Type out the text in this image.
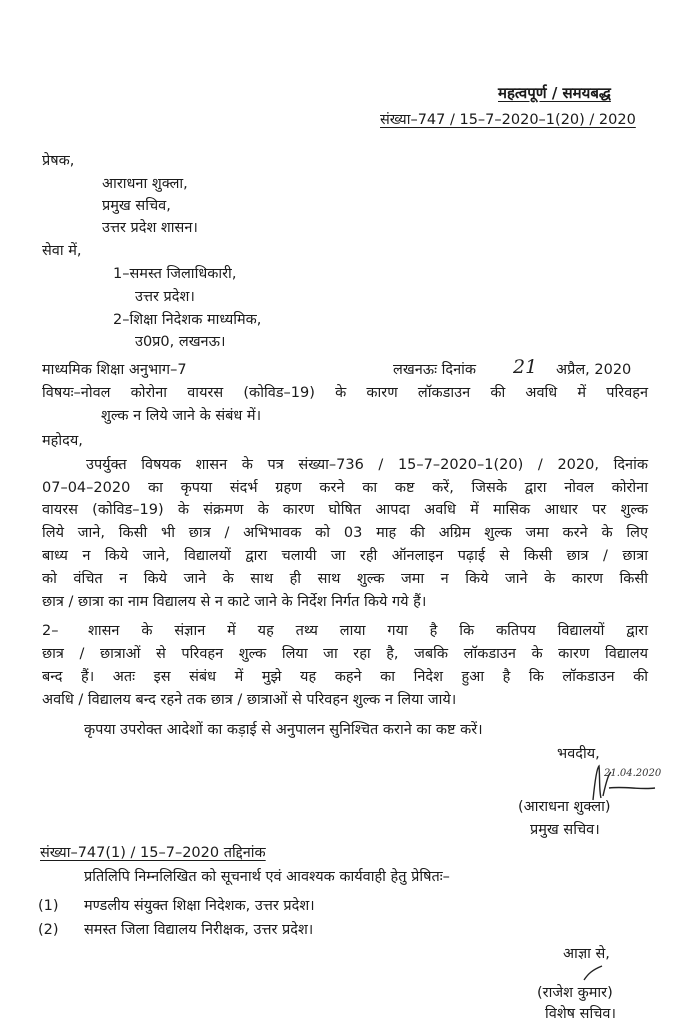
महत्वपूर्ण / समयबद्ध
संख्या–747 / 15–7–2020–1(20) / 2020
प्रेषक,
आराधना शुक्ला,
प्रमुख सचिव,
उत्तर प्रदेश शासन।
सेवा में,
1–समस्त जिलाधिकारी,
उत्तर प्रदेश।
2–शिक्षा निदेशक माध्यमिक,
उ0प्र0, लखनऊ।
माध्यमिक शिक्षा अनुभाग–7	लखनऊः दिनांक 21 अप्रैल, 2020
विषयः–नोवल कोरोना वायरस (कोविड–19) के कारण लॉकडाउन की अवधि में परिवहन
शुल्क न लिये जाने के संबंध में।
महोदय,
उपर्युक्त विषयक शासन के पत्र संख्या–736 / 15–7–2020–1(20) / 2020, दिनांक
07–04–2020 का कृपया संदर्भ ग्रहण करने का कष्ट करें, जिसके द्वारा नोवल कोरोना
वायरस (कोविड–19) के संक्रमण के कारण घोषित आपदा अवधि में मासिक आधार पर शुल्क
लिये जाने, किसी भी छात्र / अभिभावक को 03 माह की अग्रिम शुल्क जमा करने के लिए
बाध्य न किये जाने, विद्यालयों द्वारा चलायी जा रही ऑनलाइन पढ़ाई से किसी छात्र / छात्रा
को वंचित न किये जाने के साथ ही साथ शुल्क जमा न किये जाने के कारण किसी
छात्र / छात्रा का नाम विद्यालय से न काटे जाने के निर्देश निर्गत किये गये हैं।
2– शासन के संज्ञान में यह तथ्य लाया गया है कि कतिपय विद्यालयों द्वारा
छात्र / छात्राओं से परिवहन शुल्क लिया जा रहा है, जबकि लॉकडाउन के कारण विद्यालय
बन्द हैं। अतः इस संबंध में मुझे यह कहने का निदेश हुआ है कि लॉकडाउन की
अवधि / विद्यालय बन्द रहने तक छात्र / छात्राओं से परिवहन शुल्क न लिया जाये।
कृपया उपरोक्त आदेशों का कड़ाई से अनुपालन सुनिश्चित कराने का कष्ट करें।
भवदीय,
21.04.2020
(आराधना शुक्ला)
प्रमुख सचिव।
संख्या–747(1) / 15–7–2020 तद्दिनांक
प्रतिलिपि निम्नलिखित को सूचनार्थ एवं आवश्यक कार्यवाही हेतु प्रेषितः–
(1) मण्डलीय संयुक्त शिक्षा निदेशक, उत्तर प्रदेश।
(2) समस्त जिला विद्यालय निरीक्षक, उत्तर प्रदेश।
आज्ञा से,
(राजेश कुमार)
विशेष सचिव।
